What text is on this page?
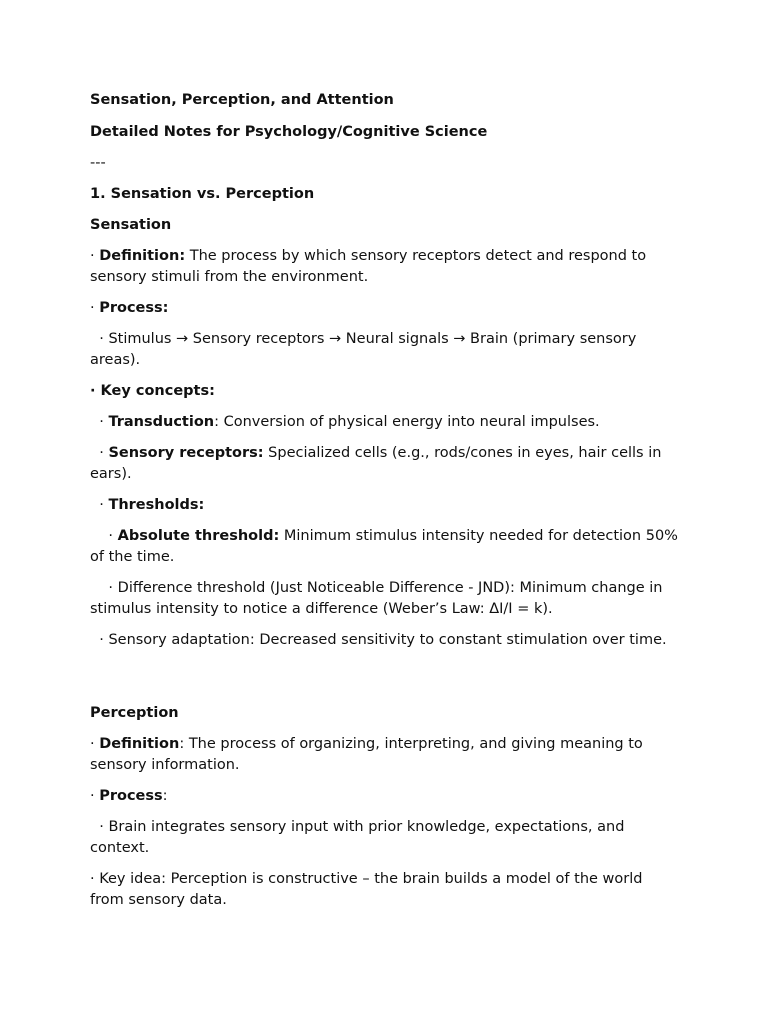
Sensation, Perception, and Attention
Detailed Notes for Psychology/Cognitive Science
---
1. Sensation vs. Perception
Sensation
· Definition: The process by which sensory receptors detect and respond to sensory stimuli from the environment.
· Process:
· Stimulus → Sensory receptors → Neural signals → Brain (primary sensory areas).
· Key concepts:
· Transduction: Conversion of physical energy into neural impulses.
· Sensory receptors: Specialized cells (e.g., rods/cones in eyes, hair cells in ears).
· Thresholds:
· Absolute threshold: Minimum stimulus intensity needed for detection 50% of the time.
· Difference threshold (Just Noticeable Difference - JND): Minimum change in stimulus intensity to notice a difference (Weber’s Law: ΔI/I = k).
· Sensory adaptation: Decreased sensitivity to constant stimulation over time.
Perception
· Definition: The process of organizing, interpreting, and giving meaning to sensory information.
· Process:
· Brain integrates sensory input with prior knowledge, expectations, and context.
· Key idea: Perception is constructive – the brain builds a model of the world from sensory data.
